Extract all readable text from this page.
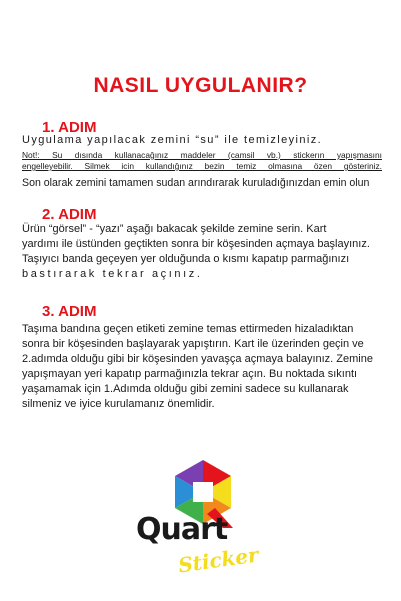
NASIL UYGULANIR?
1. ADIM
Uygulama yapılacak zemini “su” ile temizleyiniz.
Not!: Su dısında kullanacağınız maddeler (camsil vb.) stickerın yapışmasını
engelleyebilir. Silmek icin kullandığınız bezin temiz olmasına özen gösteriniz.
Son olarak zemini tamamen sudan arındırarak kuruladığınızdan emin olun
2. ADIM
Ürün “görsel” - “yazı” aşağı bakacak şekilde zemine serin. Kart
yardımı ile üstünden geçtikten sonra bir köşesinden açmaya başlayınız.
Taşıyıcı banda geçeyen yer olduğunda o kısmı kapatıp parmağınızı
bastırarak tekrar açınız.
3. ADIM
Taşıma bandına geçen etiketi zemine temas ettirmeden hizaladıktan
sonra bir köşesinden başlayarak yapıştırın. Kart ile üzerinden geçin ve
2.adımda olduğu gibi bir köşesinden yavaşça açmaya balayınız. Zemine
yapışmayan yeri kapatıp parmağınızla tekrar açın. Bu noktada sıkıntı
yaşamamak için 1.Adımda olduğu gibi zemini sadece su kullanarak
silmeniz ve iyice kurulamanız önemlidir.
Quart
Sticker
